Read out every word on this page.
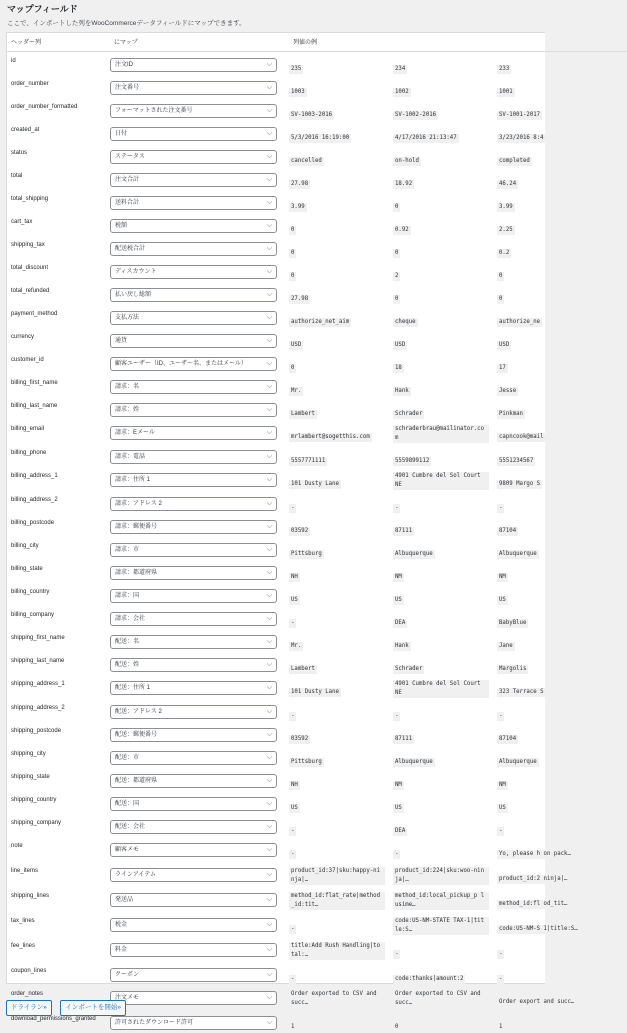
マップフィールド

ここで、インポートした列をWooCommerceデータフィールドにマップできます。

ヘッダー列	にマップ	列値の例		
id	注文ID ⌵	235	234	233
order_number	注文番号 ⌵	1003	1002	1001
order_number_formatted	フォーマットされた注文番号 ⌵	SV-1003-2016	SV-1002-2016	SV-1001-2017
created_at	日付 ⌵	5/3/2016 16:19:00	4/17/2016 21:13:47	3/23/2016 8:4
status	ステータス ⌵	cancelled	on-hold	completed
total	注文合計 ⌵	27.98	18.92	46.24
total_shipping	送料合計 ⌵	3.99	0	3.99
cart_tax	税額 ⌵	0	0.92	2.25
shipping_tax	配送税合計 ⌵	0	0	0.2
total_discount	ディスカウント ⌵	0	2	0
total_refunded	払い戻し総額 ⌵	27.98	0	0
payment_method	支払方法 ⌵	authorize_net_aim	cheque	authorize_ne
currency	通貨 ⌵	USD	USD	USD
customer_id	顧客ユーザー（ID、ユーザー名、またはメール） ⌵	0	18	17
billing_first_name	請求：名 ⌵	Mr.	Hank	Jesse
billing_last_name	請求：姓 ⌵	Lambert	Schrader	Pinkman
billing_email	請求：Eメール ⌵	mrlambert@sogetthis.com	schraderbrau@mailinator.com	capncook@mail
billing_phone	請求：電話 ⌵	5557771111	5559899112	5551234567
billing_address_1	請求：住所 1 ⌵	101 Dusty Lane	4901 Cumbre del Sol Court NE	9809 Margo S
billing_address_2	請求：アドレス 2 ⌵	-	-	-
billing_postcode	請求：郵便番号 ⌵	03592	87111	87104
billing_city	請求：市 ⌵	Pittsburg	Albuquerque	Albuquerque
billing_state	請求：都道府県 ⌵	NH	NM	NM
billing_country	請求：国 ⌵	US	US	US
billing_company	請求：会社 ⌵	-	DEA	BabyBlue
shipping_first_name	配送：名 ⌵	Mr.	Hank	Jane
shipping_last_name	配送：姓 ⌵	Lambert	Schrader	Margolis
shipping_address_1	配送：住所 1 ⌵	101 Dusty Lane	4901 Cumbre del Sol Court NE	323 Terrace S
shipping_address_2	配送：アドレス 2 ⌵	-	-	-
shipping_postcode	配送：郵便番号 ⌵	03592	87111	87104
shipping_city	配送：市 ⌵	Pittsburg	Albuquerque	Albuquerque
shipping_state	配送：都道府県 ⌵	NH	NM	NM
shipping_country	配送：国 ⌵	US	US	US
shipping_company	配送：会社 ⌵	-	DEA	-
note	顧客メモ ⌵	-	-	Yo, please h on pack…
line_items	ラインアイテム ⌵	product_id:37|sku:happy-ninja|…	product_id:224|sku:woo-ninja|…	product_id:2 ninja|…
shipping_lines	発送品 ⌵	method_id:flat_rate|method_id:tit…	method_id:local_pickup_p lusime…	method_id:fl od_tit…
tax_lines	税金 ⌵	-	code:US-NM-STATE TAX-1|title:S…	code:US-NM-S 1|title:S…
fee_lines	料金 ⌵	title:Add Rush Handling|total:…	-	-
coupon_lines	クーポン ⌵	-	code:thanks|amount:2	-
order_notes	注文メモ ⌵	Order exported to CSV and succ…	Order exported to CSV and succ…	Order export and succ…
download_permissions_granted	許可されたダウンロード許可 ⌵	1	0	1
ドライラン»	インポートを開始»
